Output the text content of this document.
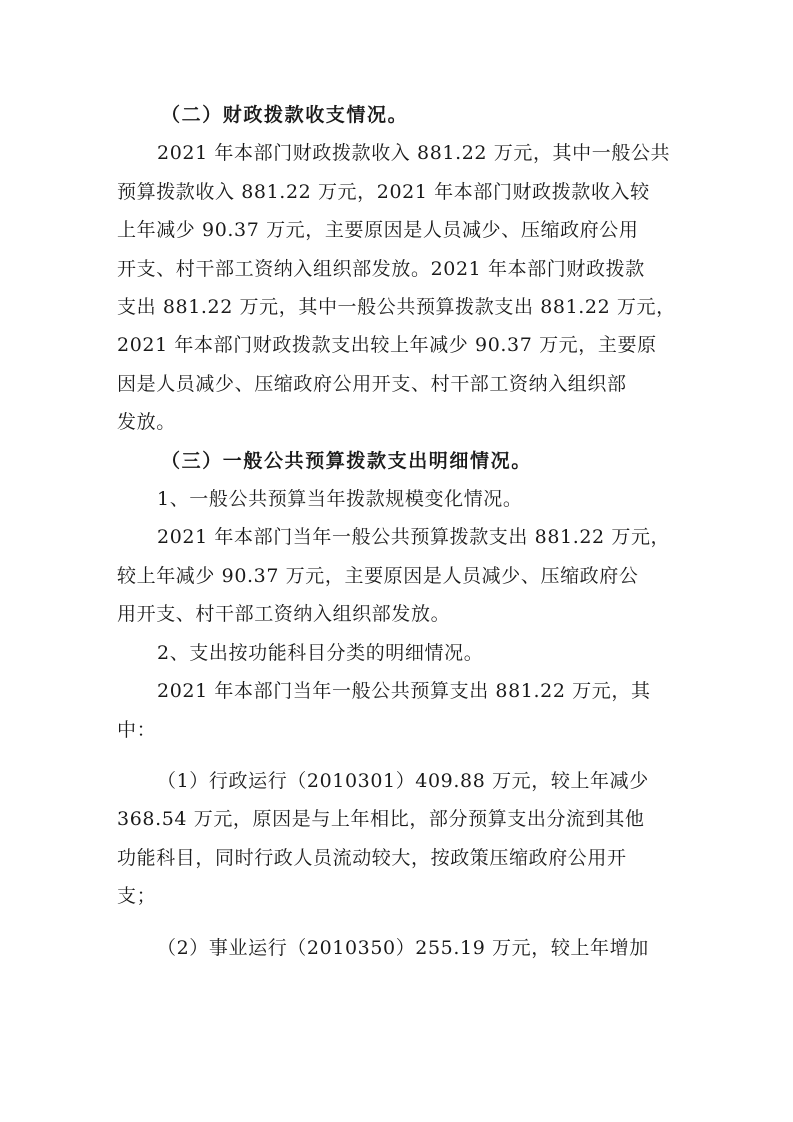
（二）财政拨款收支情况。
2021 年本部门财政拨款收入 881.22 万元，其中一般公共
预算拨款收入 881.22 万元，2021 年本部门财政拨款收入较
上年减少 90.37 万元，主要原因是人员减少、压缩政府公用
开支、村干部工资纳入组织部发放。2021 年本部门财政拨款
支出 881.22 万元，其中一般公共预算拨款支出 881.22 万元，
2021 年本部门财政拨款支出较上年减少 90.37 万元，主要原
因是人员减少、压缩政府公用开支、村干部工资纳入组织部
发放。
（三）一般公共预算拨款支出明细情况。
1、一般公共预算当年拨款规模变化情况。
2021 年本部门当年一般公共预算拨款支出 881.22 万元，
较上年减少 90.37 万元，主要原因是人员减少、压缩政府公
用开支、村干部工资纳入组织部发放。
2、支出按功能科目分类的明细情况。
2021 年本部门当年一般公共预算支出 881.22 万元，其
中：
（1）行政运行（2010301）409.88 万元，较上年减少
368.54 万元，原因是与上年相比，部分预算支出分流到其他
功能科目，同时行政人员流动较大，按政策压缩政府公用开
支；
（2）事业运行（2010350）255.19 万元，较上年增加
